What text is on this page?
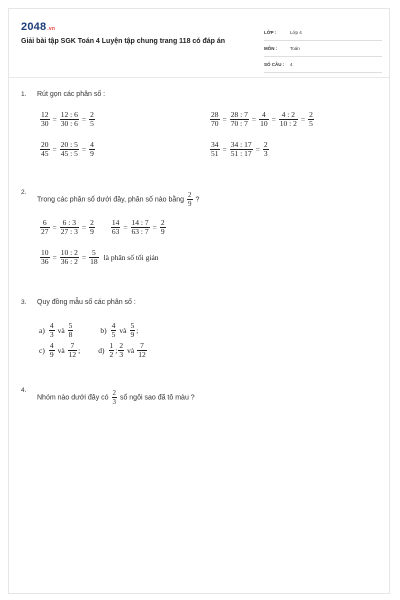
2048.vn
Giải bài tập SGK Toán 4 Luyện tập chung trang 118 có đáp án
LỚP :	Lớp 4
MÔN :	Toán
SỐ CÂU :	4
1. Rút gọn các phân số :
$\frac{12}{30} = \frac{12 : 6}{30 : 6} = \frac{2}{5}$	$\frac{28}{70} = \frac{28 : 7}{70 : 7} = \frac{4}{10} = \frac{4 : 2}{10 : 2} = \frac{2}{5}$
$\frac{20}{45} = \frac{20 : 5}{45 : 5} = \frac{4}{9}$	$\frac{34}{51} = \frac{34 : 17}{51 : 17} = \frac{2}{3}$
2.
Trong các phân số dưới đây, phân số nào bằng $\frac{2}{9}$ ?
$\frac{6}{27} = \frac{6 : 3}{27 : 3} = \frac{2}{9} \frac{14}{63} = \frac{14 : 7}{63 : 7} = \frac{2}{9}$
$\frac{10}{36} = \frac{10 : 2}{36 : 2} = \frac{5}{18}$ là phân số tối giản
3. Quy đồng mẫu số các phân số :
$a) \frac{4}{3}$ và $\frac{5}{8}$	$b) \frac{4}{5}$ và $\frac{5}{9}$ ;
$c) \frac{4}{9}$ và $\frac{7}{12}$ ; $d) \frac{1}{2}$ ; $\frac{2}{3}$ và $\frac{7}{12}$
4.
Nhóm nào dưới đây có $\frac{2}{3}$ số ngôi sao đã tô màu ?
